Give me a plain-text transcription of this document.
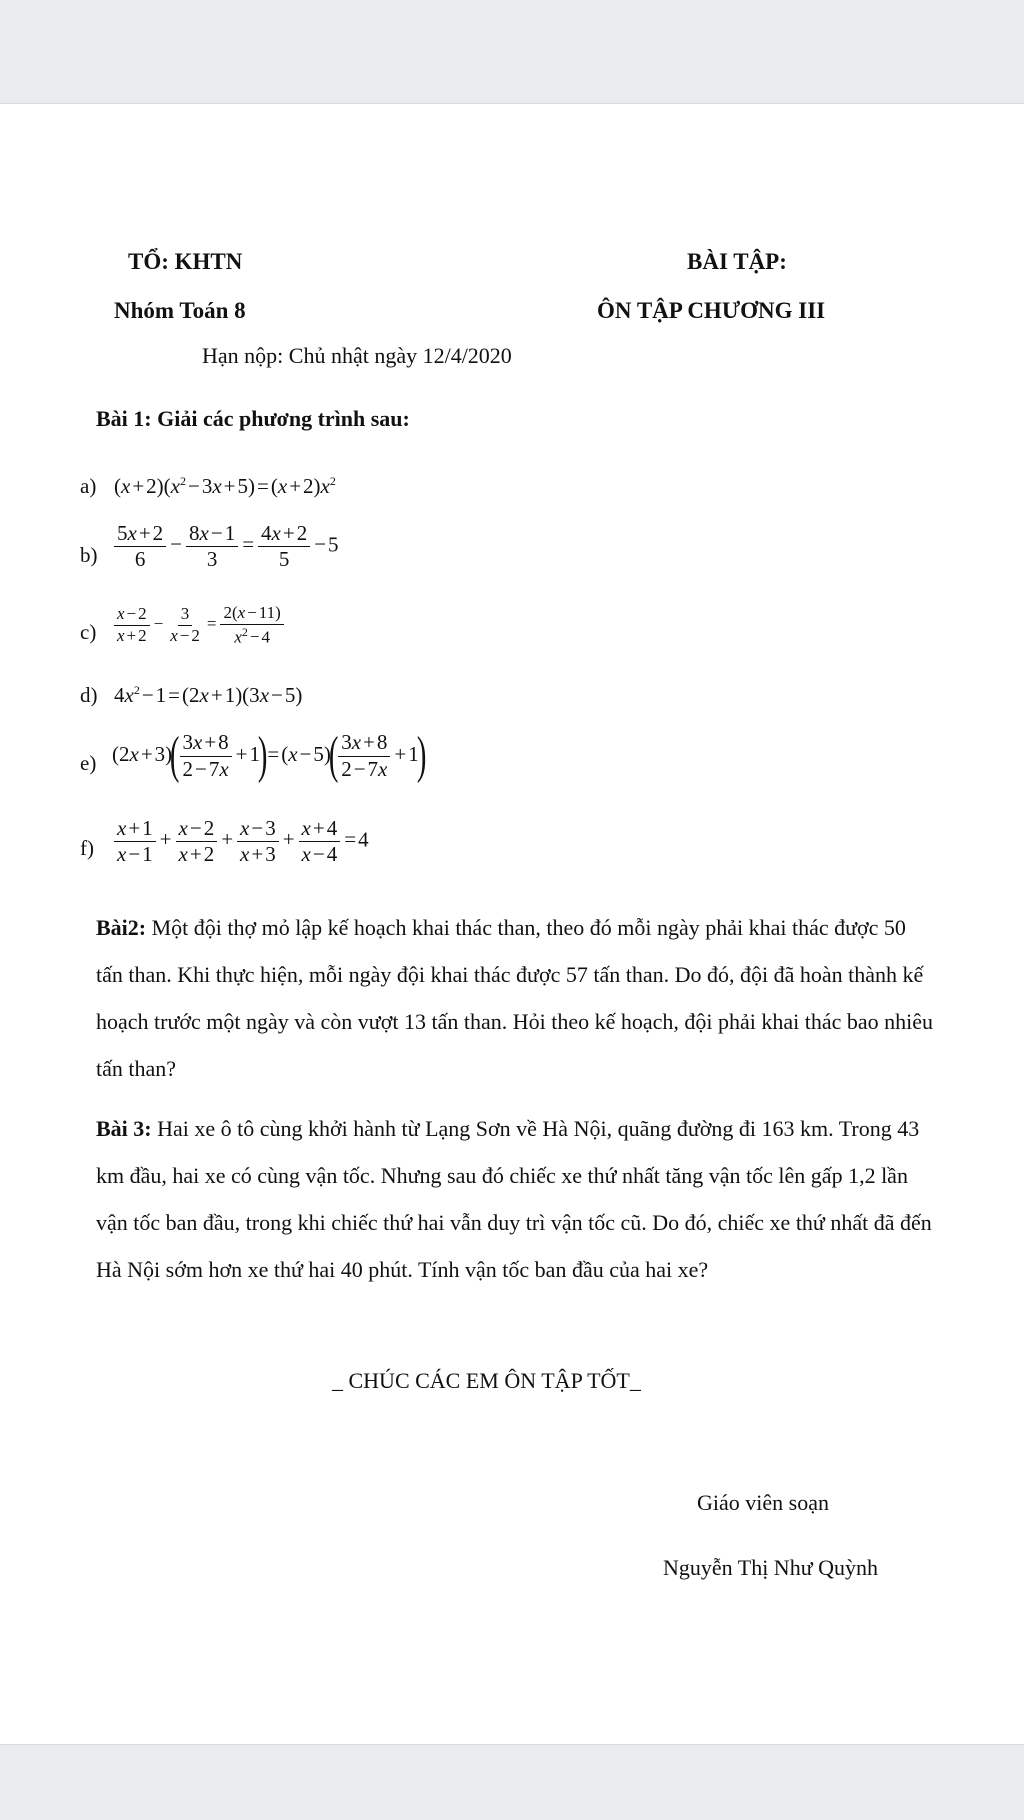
TỔ: KHTN
Nhóm Toán 8
BÀI TẬP:
ÔN TẬP CHƯƠNG III
Hạn nộp: Chủ nhật ngày 12/4/2020
Bài 1: Giải các phương trình sau:
a) $(x+2)(x^2-3x+5)=(x+2)x^2$
$b) \frac{5x+2}{6} - \frac{8x-1}{3} = \frac{4x+2}{5} -5$
$c) \frac{x - 2}{x + 2} - \frac{3}{x - 2} = \frac{2(x - 11)}{x^2 - 4}$
d) $4x^2-1=(2x+1)(3x-5)$
e) $(2x+3)( \frac{3x+8}{2-7x} +1)=(x-5)( \frac{3x+8}{2-7x} +1)$
$f) \frac{x+1}{x-1} + \frac{x-2}{x+2} + \frac{x-3}{x+3} + \frac{x+4}{x-4} =4$
Bài2: Một đội thợ mỏ lập kế hoạch khai thác than, theo đó mỗi ngày phải khai thác được 50 tấn than. Khi thực hiện, mỗi ngày đội khai thác được 57 tấn than. Do đó, đội đã hoàn thành kế hoạch trước một ngày và còn vượt 13 tấn than. Hỏi theo kế hoạch, đội phải khai thác bao nhiêu tấn than?
Bài 3: Hai xe ô tô cùng khởi hành từ Lạng Sơn về Hà Nội, quãng đường đi 163 km. Trong 43 km đầu, hai xe có cùng vận tốc. Nhưng sau đó chiếc xe thứ nhất tăng vận tốc lên gấp 1,2 lần vận tốc ban đầu, trong khi chiếc thứ hai vẫn duy trì vận tốc cũ. Do đó, chiếc xe thứ nhất đã đến Hà Nội sớm hơn xe thứ hai 40 phút. Tính vận tốc ban đầu của hai xe?
_ CHÚC CÁC EM ÔN TẬP TỐT_
Giáo viên soạn
Nguyễn Thị Như Quỳnh
